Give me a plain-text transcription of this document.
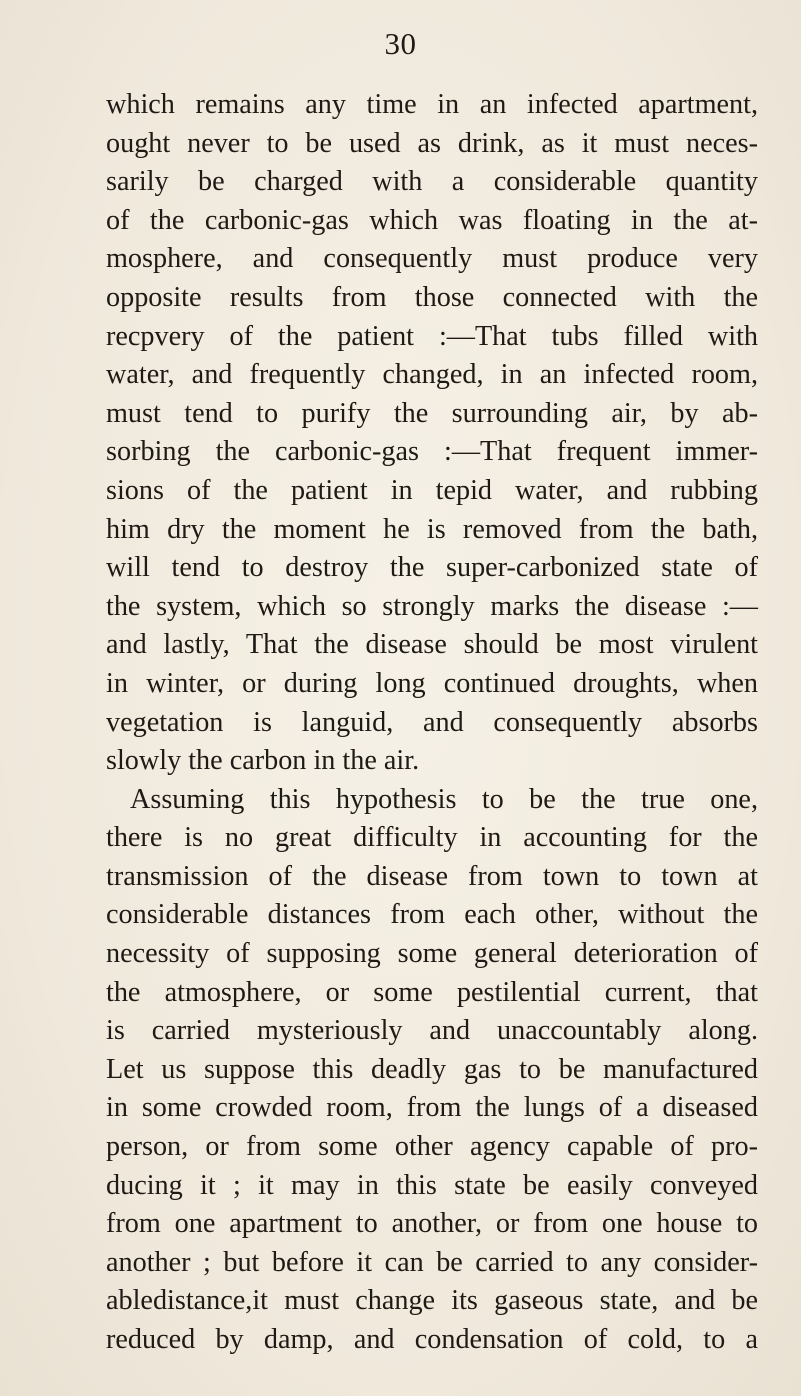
30
which remains any time in an infected apartment,
ought never to be used as drink, as it must neces-
sarily be charged with a considerable quantity
of the carbonic-gas which was floating in the at-
mosphere, and consequently must produce very
opposite results from those connected with the
recpvery of the patient :—That tubs filled with
water, and frequently changed, in an infected room,
must tend to purify the surrounding air, by ab-
sorbing the carbonic-gas :—That frequent immer-
sions of the patient in tepid water, and rubbing
him dry the moment he is removed from the bath,
will tend to destroy the super-carbonized state of
the system, which so strongly marks the disease :—
and lastly, That the disease should be most virulent
in winter, or during long continued droughts, when
vegetation is languid, and consequently absorbs
slowly the carbon in the air.
Assuming this hypothesis to be the true one,
there is no great difficulty in accounting for the
transmission of the disease from town to town at
considerable distances from each other, without the
necessity of supposing some general deterioration of
the atmosphere, or some pestilential current, that
is carried mysteriously and unaccountably along.
Let us suppose this deadly gas to be manufactured
in some crowded room, from the lungs of a diseased
person, or from some other agency capable of pro-
ducing it ; it may in this state be easily conveyed
from one apartment to another, or from one house to
another ; but before it can be carried to any consider-
abledistance,it must change its gaseous state, and be
reduced by damp, and condensation of cold, to a
